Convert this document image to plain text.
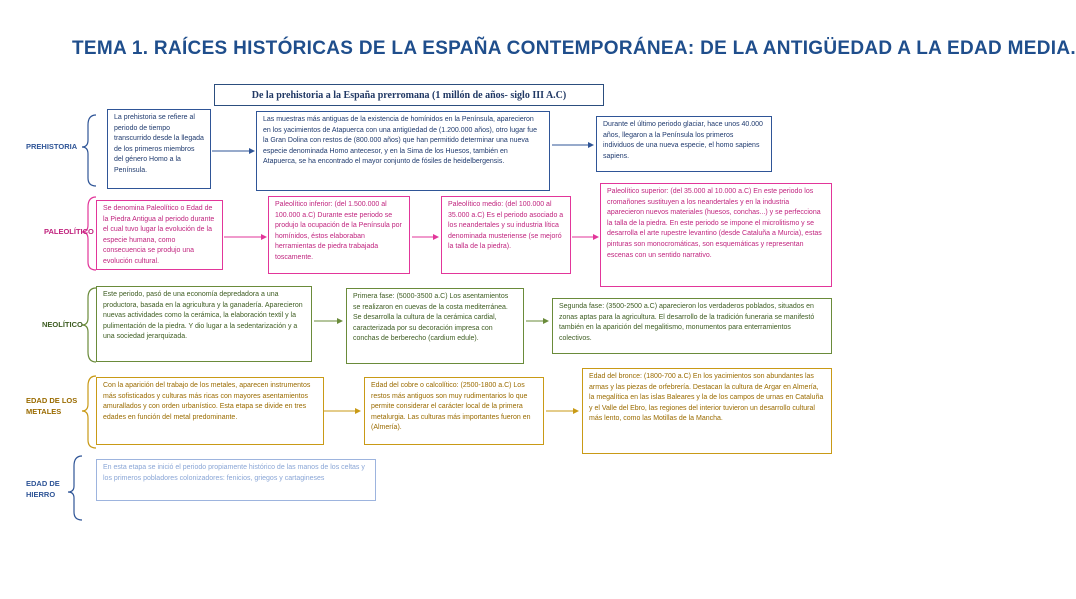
TEMA 1. RAÍCES HISTÓRICAS DE LA ESPAÑA CONTEMPORÁNEA: DE LA ANTIGÜEDAD A LA EDAD MEDIA.
De la prehistoria a la España prerromana (1 millón de años- siglo III A.C)
PREHISTORIA
La prehistoria se refiere al periodo de tiempo transcurrido desde la llegada de los primeros miembros del género Homo a la Península.
Las muestras más antiguas de la existencia de homínidos en la Península, aparecieron en los yacimientos de Atapuerca con una antigüedad de (1.200.000 años), otro lugar fue la Gran Dolina con restos de (800.000 años) que han permitido determinar una nueva especie denominada Homo antecesor, y en la Sima de los Huesos, también en Atapuerca, se ha encontrado el mayor conjunto de fósiles de heidelbergensis.
Durante el último periodo glaciar, hace unos 40.000 años, llegaron a la Península los primeros individuos de una nueva especie, el homo sapiens sapiens.
PALEOLÍTICO
Se denomina Paleolítico o Edad de la Piedra Antigua al periodo durante el cual tuvo lugar la evolución de la especie humana, como consecuencia se produjo una evolución cultural.
Paleolítico inferior: (del 1.500.000 al 100.000 a.C) Durante este periodo se produjo la ocupación de la Península por homínidos, éstos elaboraban herramientas de piedra trabajada toscamente.
Paleolítico medio: (del 100.000 al 35.000 a.C) Es el periodo asociado a los neandertales y su industria lítica denominada musteriense (se mejoró la talla de la piedra).
Paleolítico superior: (del 35.000 al 10.000 a.C) En este periodo los cromañones sustituyen a los neandertales y en la industria aparecieron nuevos materiales (huesos, conchas...) y se perfecciona la talla de la piedra. En este periodo se impone el microlitismo y se desarrolla el arte rupestre levantino (desde Cataluña a Murcia), estas pinturas son monocromáticas, son esquemáticas y representan escenas con un sentido narrativo.
NEOLÍTICO
Este periodo, pasó de una economía depredadora a una productora, basada en la agricultura y la ganadería. Aparecieron nuevas actividades como la cerámica, la elaboración textil y la pulimentación de la piedra. Y dio lugar a la sedentarización y a una sociedad jerarquizada.
Primera fase: (5000-3500 a.C) Los asentamientos se realizaron en cuevas de la costa mediterránea. Se desarrolla la cultura de la cerámica cardial, caracterizada por su decoración impresa con conchas de berberecho (cardium edule).
Segunda fase: (3500-2500 a.C) aparecieron los verdaderos poblados, situados en zonas aptas para la agricultura. El desarrollo de la tradición funeraria se manifestó también en la aparición del megalitismo, monumentos para enterramientos colectivos.
EDAD DE LOS METALES
Con la aparición del trabajo de los metales, aparecen instrumentos más sofisticados y culturas más ricas con mayores asentamientos amurallados y con orden urbanístico. Esta etapa se divide en tres edades en función del metal predominante.
Edad del cobre o calcolítico: (2500-1800 a.C) Los restos más antiguos son muy rudimentarios lo que permite considerar el carácter local de la primera metalurgia. Las culturas más importantes fueron en (Almería).
Edad del bronce: (1800-700 a.C) En los yacimientos son abundantes las armas y las piezas de orfebrería. Destacan la cultura de Argar en Almería, la megalítica en las islas Baleares y la de los campos de urnas en Cataluña y el Valle del Ebro, las regiones del interior tuvieron un desarrollo cultural más lento, como las Motillas de la Mancha.
EDAD DE HIERRO
En esta etapa se inició el periodo propiamente histórico de las manos de los celtas y los primeros pobladores colonizadores: fenicios, griegos y cartagineses
